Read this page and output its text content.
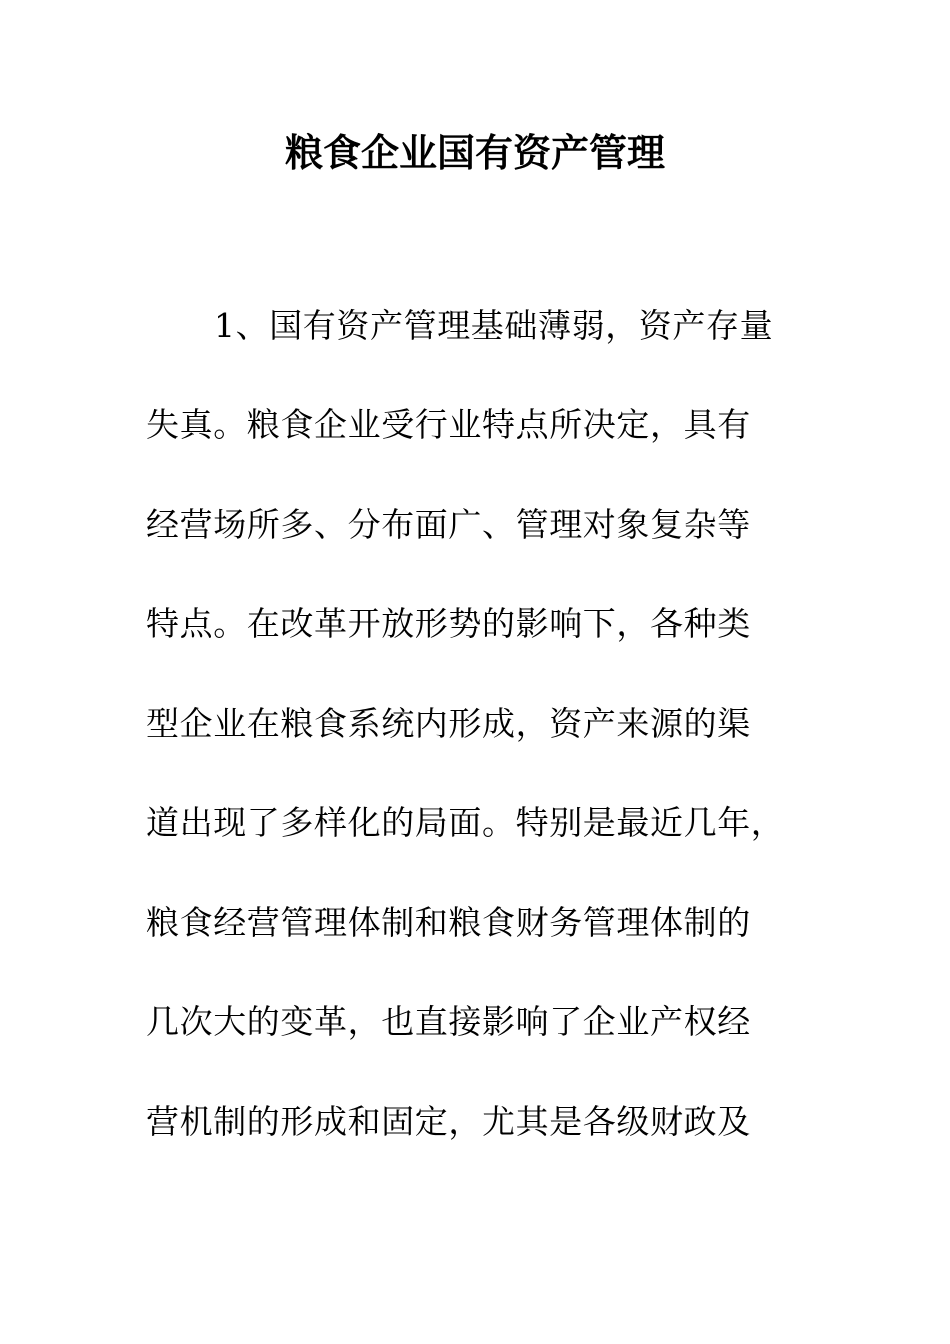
粮食企业国有资产管理
1、国有资产管理基础薄弱，资产存量
失真。粮食企业受行业特点所决定，具有
经营场所多、分布面广、管理对象复杂等
特点。在改革开放形势的影响下，各种类
型企业在粮食系统内形成，资产来源的渠
道出现了多样化的局面。特别是最近几年，
粮食经营管理体制和粮食财务管理体制的
几次大的变革，也直接影响了企业产权经
营机制的形成和固定，尤其是各级财政及
